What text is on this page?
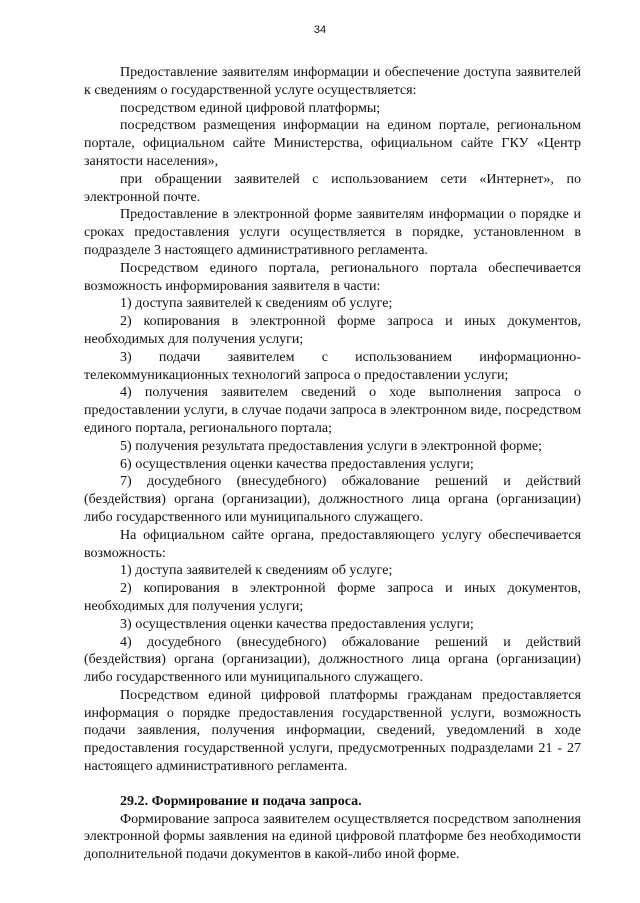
34

Предоставление заявителям информации и обеспечение доступа заявителей к сведениям о государственной услуге осуществляется:

посредством единой цифровой платформы;

посредством размещения информации на едином портале, региональном портале, официальном сайте Министерства, официальном сайте ГКУ «Центр занятости населения»,

при обращении заявителей с использованием сети «Интернет», по электронной почте.

Предоставление в электронной форме заявителям информации о порядке и сроках предоставления услуги осуществляется в порядке, установленном в подразделе 3 настоящего административного регламента.

Посредством единого портала, регионального портала обеспечивается возможность информирования заявителя в части:

1) доступа заявителей к сведениям об услуге;

2) копирования в электронной форме запроса и иных документов, необходимых для получения услуги;

3) подачи заявителем с использованием информационно-телекоммуникационных технологий запроса о предоставлении услуги;

4) получения заявителем сведений о ходе выполнения запроса о предоставлении услуги, в случае подачи запроса в электронном виде, посредством единого портала, регионального портала;

5) получения результата предоставления услуги в электронной форме;

6) осуществления оценки качества предоставления услуги;

7) досудебного (внесудебного) обжалование решений и действий (бездействия) органа (организации), должностного лица органа (организации) либо государственного или муниципального служащего.

На официальном сайте органа, предоставляющего услугу обеспечивается возможность:

1) доступа заявителей к сведениям об услуге;

2) копирования в электронной форме запроса и иных документов, необходимых для получения услуги;

3) осуществления оценки качества предоставления услуги;

4) досудебного (внесудебного) обжалование решений и действий (бездействия) органа (организации), должностного лица органа (организации) либо государственного или муниципального служащего.

Посредством единой цифровой платформы гражданам предоставляется информация о порядке предоставления государственной услуги, возможность подачи заявления, получения информации, сведений, уведомлений в ходе предоставления государственной услуги, предусмотренных подразделами 21 - 27 настоящего административного регламента.

29.2. Формирование и подача запроса.

Формирование запроса заявителем осуществляется посредством заполнения электронной формы заявления на единой цифровой платформе без необходимости дополнительной подачи документов в какой-либо иной форме.
